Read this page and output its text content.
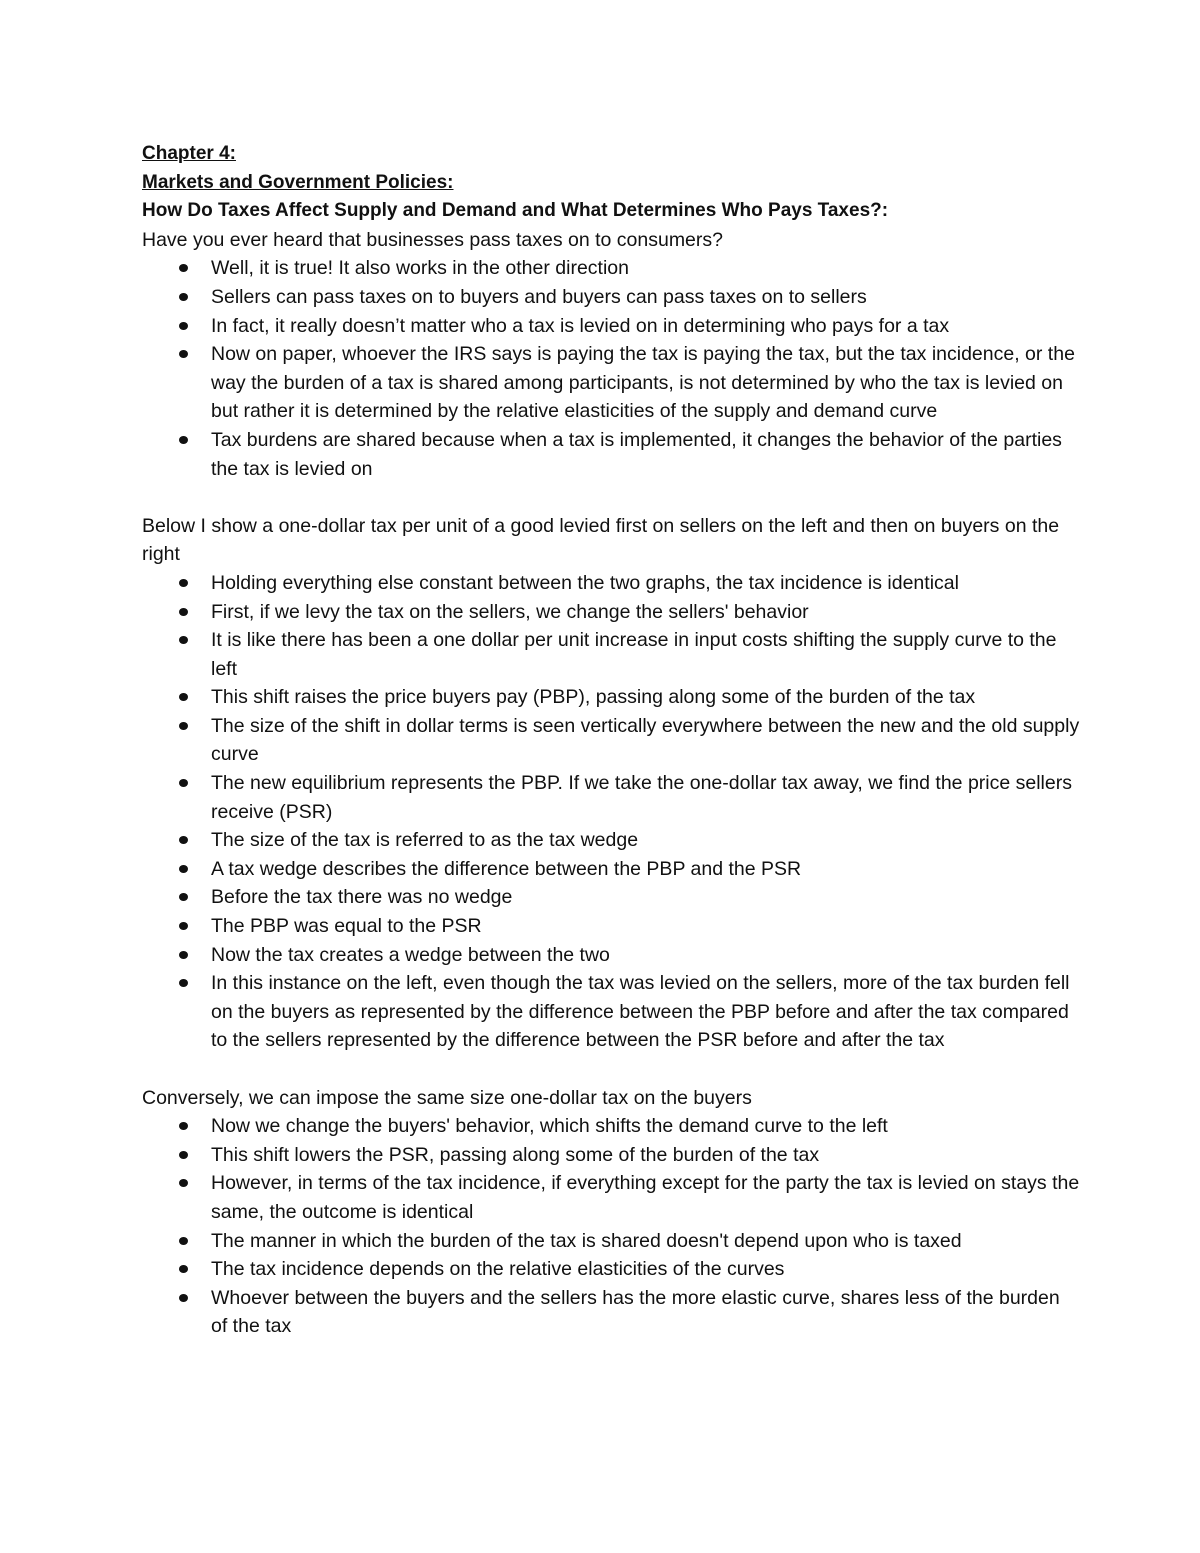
Chapter 4:

Markets and Government Policies:

How Do Taxes Affect Supply and Demand and What Determines Who Pays Taxes?:

Have you ever heard that businesses pass taxes on to consumers?

Well, it is true! It also works in the other direction
Sellers can pass taxes on to buyers and buyers can pass taxes on to sellers
In fact, it really doesn’t matter who a tax is levied on in determining who pays for a tax
Now on paper, whoever the IRS says is paying the tax is paying the tax, but the tax incidence, or the way the burden of a tax is shared among participants, is not determined by who the tax is levied on but rather it is determined by the relative elasticities of the supply and demand curve
Tax burdens are shared because when a tax is implemented, it changes the behavior of the parties the tax is levied on

Below I show a one-dollar tax per unit of a good levied first on sellers on the left and then on buyers on the right

Holding everything else constant between the two graphs, the tax incidence is identical
First, if we levy the tax on the sellers, we change the sellers' behavior
It is like there has been a one dollar per unit increase in input costs shifting the supply curve to the left
This shift raises the price buyers pay (PBP), passing along some of the burden of the tax
The size of the shift in dollar terms is seen vertically everywhere between the new and the old supply curve
The new equilibrium represents the PBP. If we take the one-dollar tax away, we find the price sellers receive (PSR)
The size of the tax is referred to as the tax wedge
A tax wedge describes the difference between the PBP and the PSR
Before the tax there was no wedge
The PBP was equal to the PSR
Now the tax creates a wedge between the two
In this instance on the left, even though the tax was levied on the sellers, more of the tax burden fell on the buyers as represented by the difference between the PBP before and after the tax compared to the sellers represented by the difference between the PSR before and after the tax

Conversely, we can impose the same size one-dollar tax on the buyers

Now we change the buyers' behavior, which shifts the demand curve to the left
This shift lowers the PSR, passing along some of the burden of the tax
However, in terms of the tax incidence, if everything except for the party the tax is levied on stays the same, the outcome is identical
The manner in which the burden of the tax is shared doesn't depend upon who is taxed
The tax incidence depends on the relative elasticities of the curves
Whoever between the buyers and the sellers has the more elastic curve, shares less of the burden of the tax
